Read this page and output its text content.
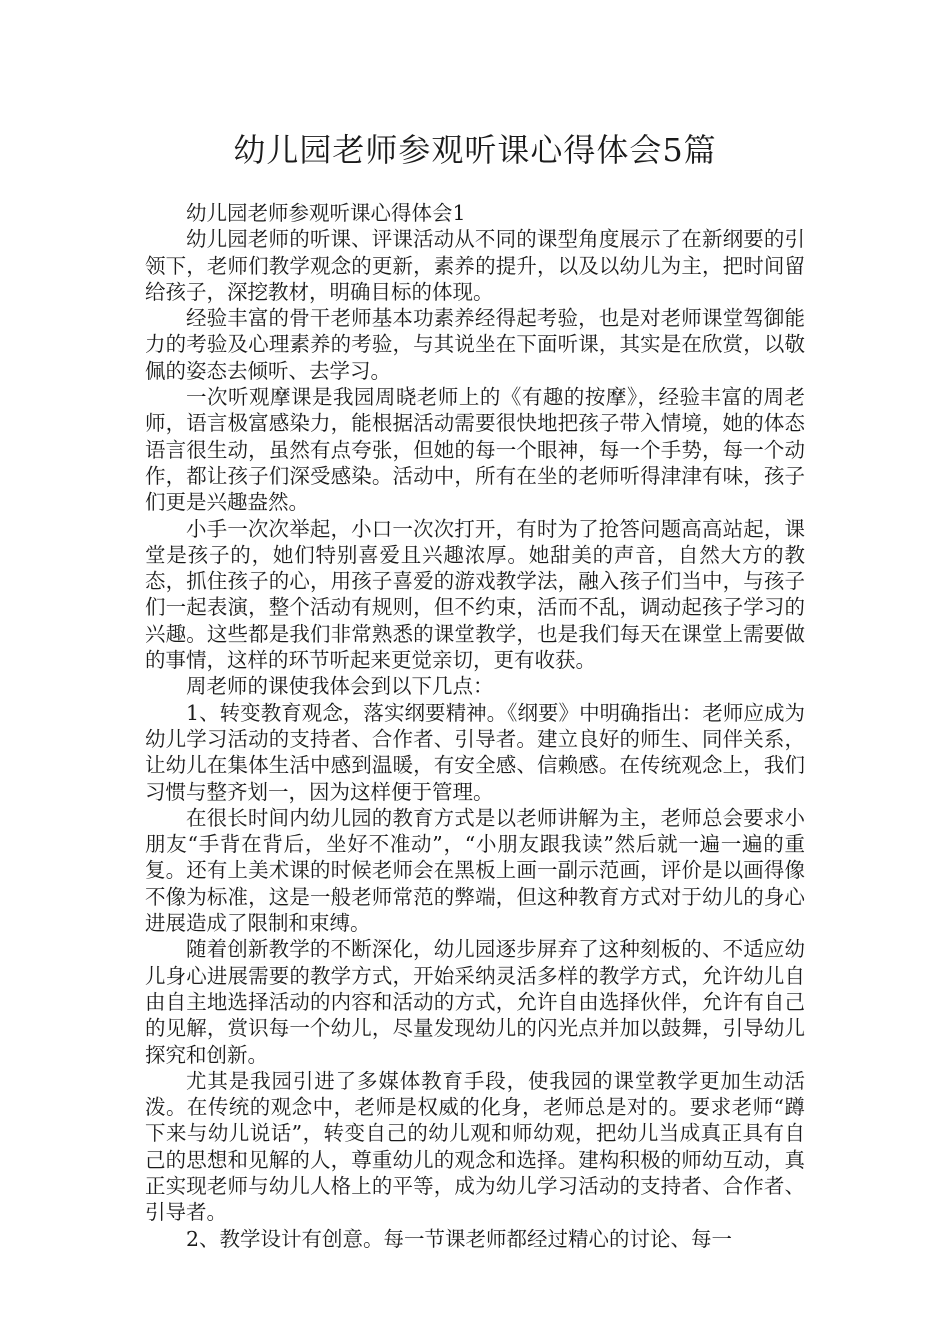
幼儿园老师参观听课心得体会5篇

幼儿园老师参观听课心得体会1

幼儿园老师的听课、评课活动从不同的课型角度展示了在新纲要的引领下，老师们教学观念的更新，素养的提升，以及以幼儿为主，把时间留给孩子，深挖教材，明确目标的体现。

经验丰富的骨干老师基本功素养经得起考验，也是对老师课堂驾御能力的考验及心理素养的考验，与其说坐在下面听课，其实是在欣赏，以敬佩的姿态去倾听、去学习。

一次听观摩课是我园周晓老师上的《有趣的按摩》，经验丰富的周老师，语言极富感染力，能根据活动需要很快地把孩子带入情境，她的体态语言很生动，虽然有点夸张，但她的每一个眼神，每一个手势，每一个动作，都让孩子们深受感染。活动中，所有在坐的老师听得津津有味，孩子们更是兴趣盎然。

小手一次次举起，小口一次次打开，有时为了抢答问题高高站起，课堂是孩子的，她们特别喜爱且兴趣浓厚。她甜美的声音，自然大方的教态，抓住孩子的心，用孩子喜爱的游戏教学法，融入孩子们当中，与孩子们一起表演，整个活动有规则，但不约束，活而不乱，调动起孩子学习的兴趣。这些都是我们非常熟悉的课堂教学，也是我们每天在课堂上需要做的事情，这样的环节听起来更觉亲切，更有收获。

周老师的课使我体会到以下几点：

1、转变教育观念，落实纲要精神。《纲要》中明确指出：老师应成为幼儿学习活动的支持者、合作者、引导者。建立良好的师生、同伴关系，让幼儿在集体生活中感到温暖，有安全感、信赖感。在传统观念上，我们习惯与整齐划一，因为这样便于管理。

在很长时间内幼儿园的教育方式是以老师讲解为主，老师总会要求小朋友“手背在背后，坐好不准动”，“小朋友跟我读”然后就一遍一遍的重复。还有上美术课的时候老师会在黑板上画一副示范画，评价是以画得像不像为标准，这是一般老师常范的弊端，但这种教育方式对于幼儿的身心进展造成了限制和束缚。

随着创新教学的不断深化，幼儿园逐步屏弃了这种刻板的、不适应幼儿身心进展需要的教学方式，开始采纳灵活多样的教学方式，允许幼儿自由自主地选择活动的内容和活动的方式，允许自由选择伙伴，允许有自己的见解，赏识每一个幼儿，尽量发现幼儿的闪光点并加以鼓舞，引导幼儿探究和创新。

尤其是我园引进了多媒体教育手段，使我园的课堂教学更加生动活泼。在传统的观念中，老师是权威的化身，老师总是对的。要求老师“蹲下来与幼儿说话”，转变自己的幼儿观和师幼观，把幼儿当成真正具有自己的思想和见解的人，尊重幼儿的观念和选择。建构积极的师幼互动，真正实现老师与幼儿人格上的平等，成为幼儿学习活动的支持者、合作者、引导者。

2、教学设计有创意。每一节课老师都经过精心的讨论、每一
